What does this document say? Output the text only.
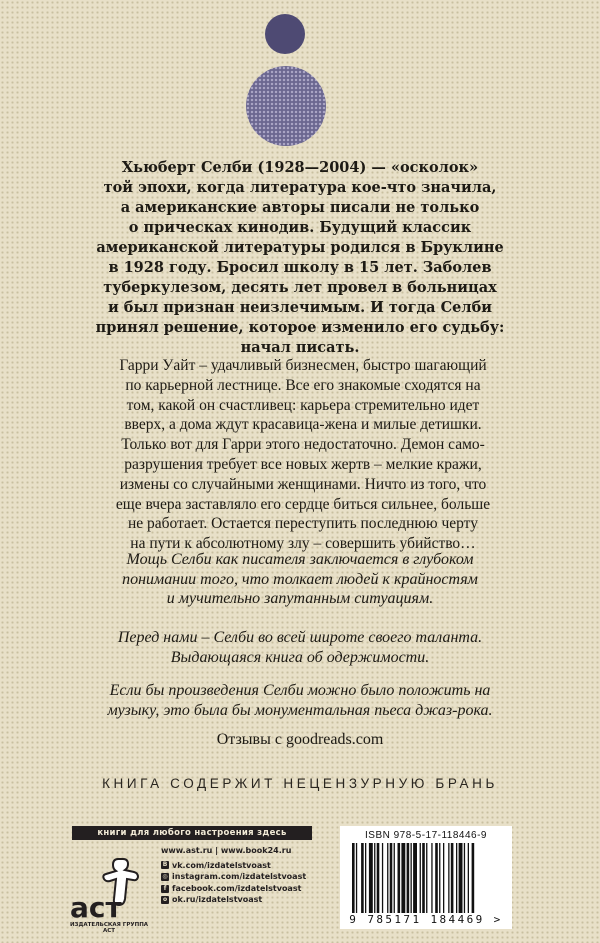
Хьюберт Селби (1928—2004) — «осколок»
той эпохи, когда литература кое-что значила,
а американские авторы писали не только
о прическах кинодив. Будущий классик
американской литературы родился в Бруклине
в 1928 году. Бросил школу в 15 лет. Заболев
туберкулезом, десять лет провел в больницах
и был признан неизлечимым. И тогда Селби
принял решение, которое изменило его судьбу:
начал писать.
Гарри Уайт – удачливый бизнесмен, быстро шагающий
по карьерной лестнице. Все его знакомые сходятся на
том, какой он счастливец: карьера стремительно идет
вверх, а дома ждут красавица-жена и милые детишки.
Только вот для Гарри этого недостаточно. Демон само-
разрушения требует все новых жертв – мелкие кражи,
измены со случайными женщинами. Ничто из того, что
еще вчера заставляло его сердце биться сильнее, больше
не работает. Остается переступить последнюю черту
на пути к абсолютному злу – совершить убийство…
Мощь Селби как писателя заключается в глубоком
понимании того, что толкает людей к крайностям
и мучительно запутанным ситуациям.
Перед нами – Селби во всей широте своего таланта.
Выдающаяся книга об одержимости.
Если бы произведения Селби можно было положить на
музыку, это была бы монументальная пьеса джаз-рока.
Отзывы с goodreads.com
КНИГА СОДЕРЖИТ НЕЦЕНЗУРНУЮ БРАНЬ
книги для любого настроения здесь
аст
ИЗДАТЕЛЬСКАЯ ГРУППА АСТ
www.ast.ru | www.book24.ru
B vk.com/izdatelstvoast
◎ instagram.com/izdatelstvoast
f facebook.com/izdatelstvoast
o ok.ru/izdatelstvoast
ISBN 978-5-17-118446-9
9 785171 184469 >
